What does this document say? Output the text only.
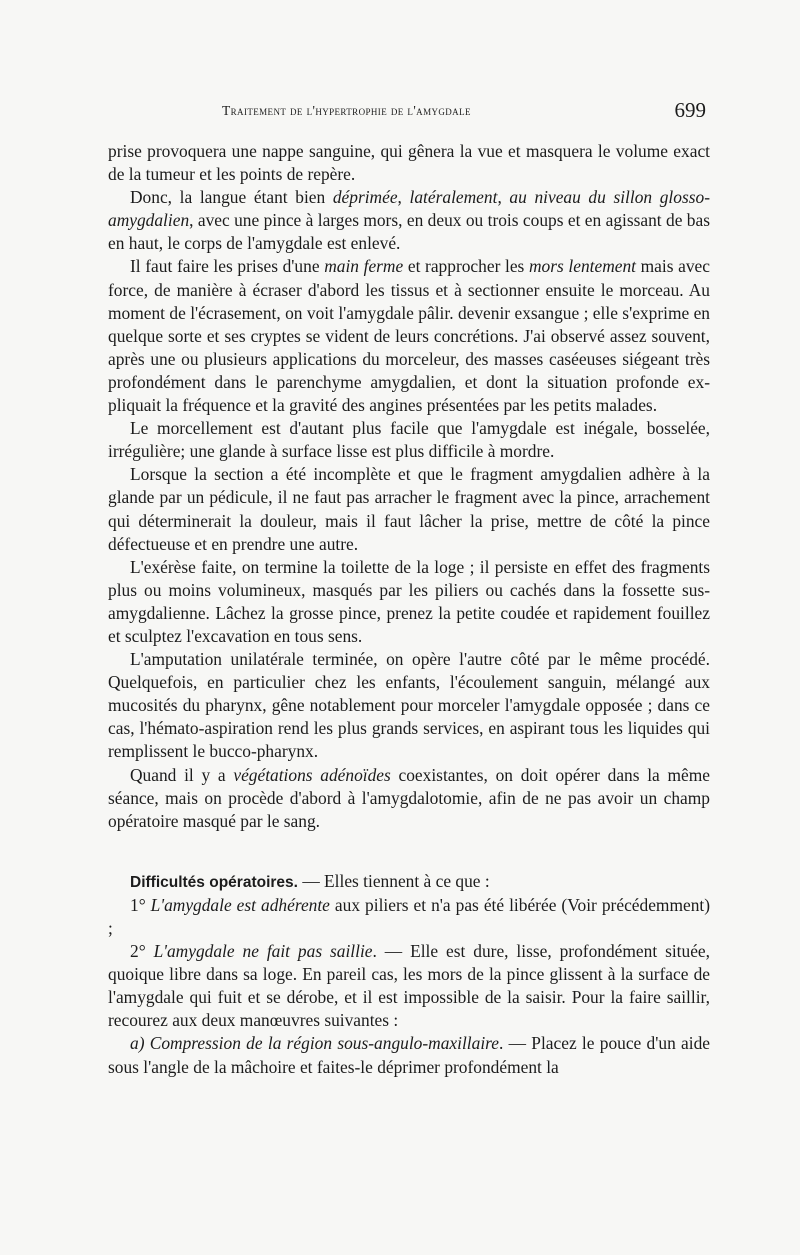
Traitement de l'hypertrophie de l'amygdale	699

prise provoquera une nappe sanguine, qui gênera la vue et masquera le volume exact de la tumeur et les points de repère.

Donc, la langue étant bien déprimée, latéralement, au niveau du sillon glosso-amygdalien, avec une pince à larges mors, en deux ou trois coups et en agissant de bas en haut, le corps de l'amygdale est enlevé.

Il faut faire les prises d'une main ferme et rapprocher les mors lentement mais avec force, de manière à écraser d'abord les tissus et à sectionner ensuite le morceau. Au moment de l'écrasement, on voit l'amygdale pâlir. devenir exsangue ; elle s'exprime en quelque sorte et ses cryptes se vident de leurs concrétions. J'ai observé assez souvent, après une ou plusieurs applications du morceleur, des masses caséeuses siégeant très profondément dans le parenchyme amygdalien, et dont la situation profonde expliquait la fréquence et la gravité des angines présentées par les petits malades.

Le morcellement est d'autant plus facile que l'amygdale est inégale, bosselée, irrégulière; une glande à surface lisse est plus difficile à mordre.

Lorsque la section a été incomplète et que le fragment amygdalien adhère à la glande par un pédicule, il ne faut pas arracher le fragment avec la pince, arrachement qui déterminerait la douleur, mais il faut lâcher la prise, mettre de côté la pince défectueuse et en prendre une autre.

L'exérèse faite, on termine la toilette de la loge ; il persiste en effet des fragments plus ou moins volumineux, masqués par les piliers ou cachés dans la fossette sus-amygdalienne. Lâchez la grosse pince, prenez la petite coudée et rapidement fouillez et sculptez l'excavation en tous sens.

L'amputation unilatérale terminée, on opère l'autre côté par le même procédé. Quelquefois, en particulier chez les enfants, l'écoulement sanguin, mélangé aux mucosités du pharynx, gêne notablement pour morceler l'amygdale opposée ; dans ce cas, l'hémato-aspiration rend les plus grands services, en aspirant tous les liquides qui remplissent le bucco-pharynx.

Quand il y a végétations adénoïdes coexistantes, on doit opérer dans la même séance, mais on procède d'abord à l'amygdalotomie, afin de ne pas avoir un champ opératoire masqué par le sang.

Difficultés opératoires. — Elles tiennent à ce que :

1° L'amygdale est adhérente aux piliers et n'a pas été libérée (Voir précédemment) ;

2° L'amygdale ne fait pas saillie. — Elle est dure, lisse, profondément située, quoique libre dans sa loge. En pareil cas, les mors de la pince glissent à la surface de l'amygdale qui fuit et se dérobe, et il est impossible de la saisir. Pour la faire saillir, recourez aux deux manœuvres suivantes :

a) Compression de la région sous-angulo-maxillaire. — Placez le pouce d'un aide sous l'angle de la mâchoire et faites-le déprimer profondément la
